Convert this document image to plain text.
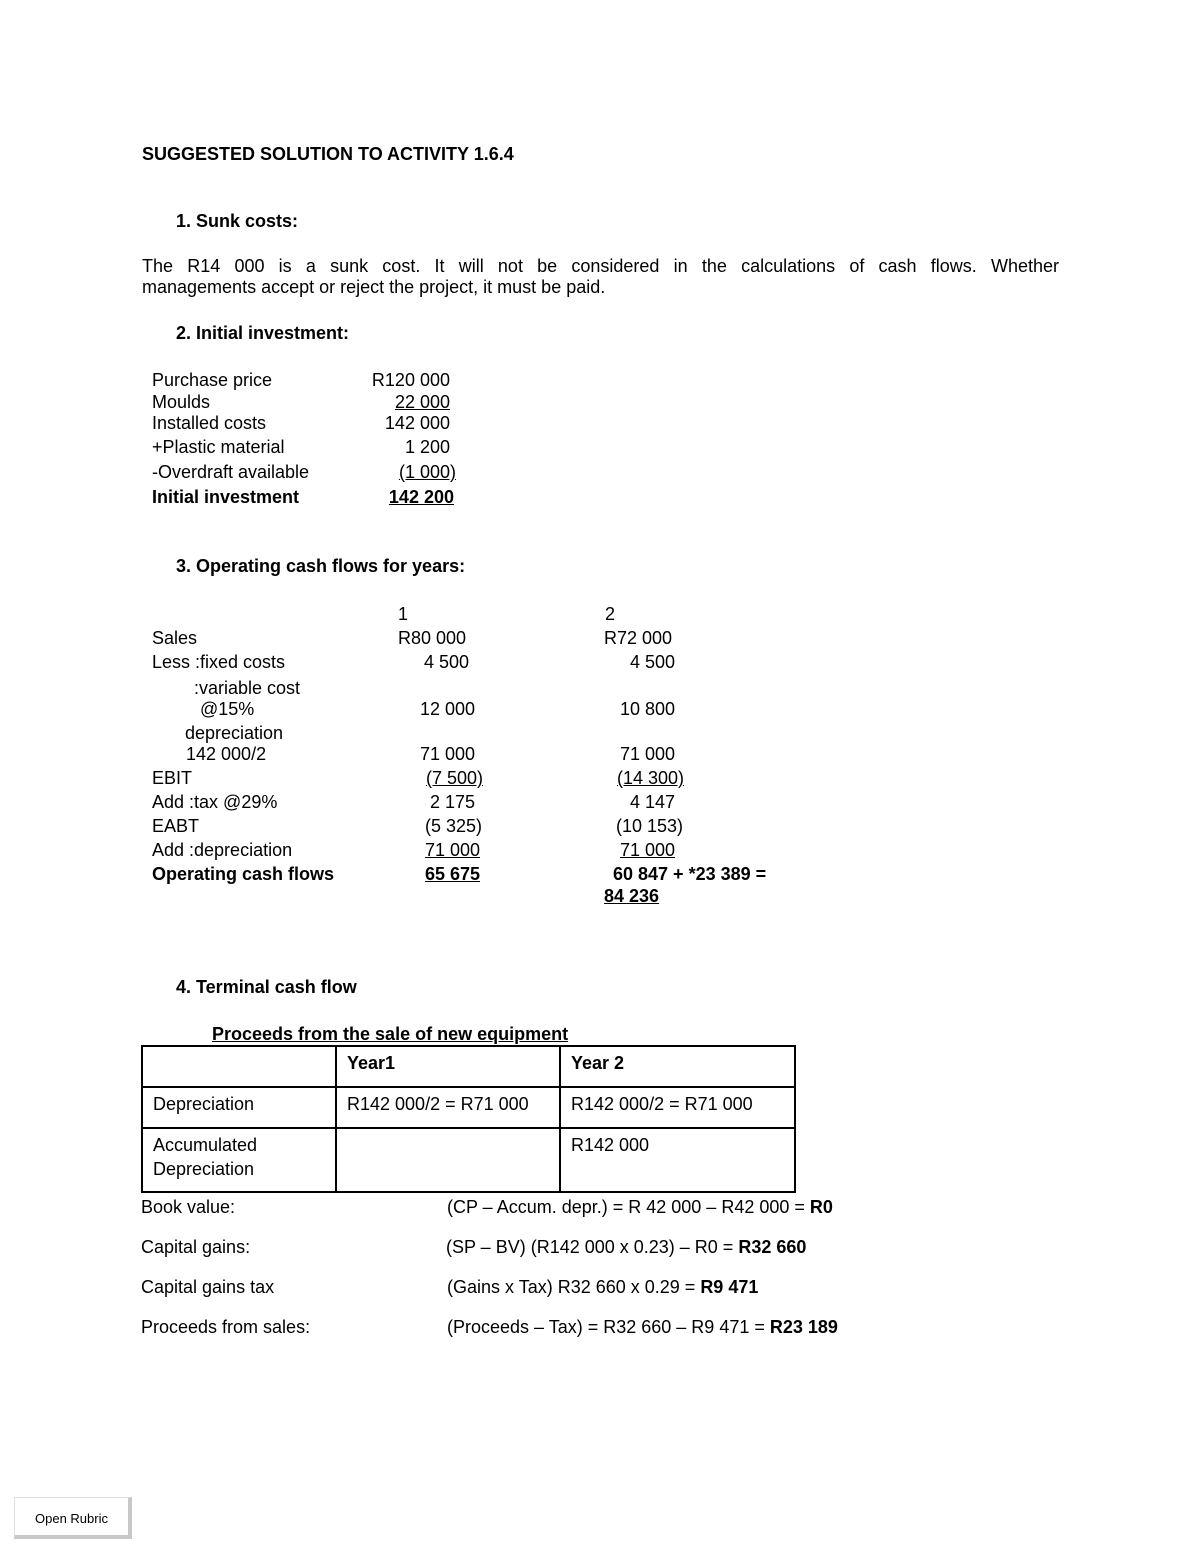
SUGGESTED SOLUTION TO ACTIVITY 1.6.4
1. Sunk costs:
The R14 000 is a sunk cost. It will not be considered in the calculations of cash flows. Whether
managements accept or reject the project, it must be paid.
2. Initial investment:
Purchase price	R120 000
Moulds	22 000
Installed costs	142 000
+Plastic material	1 200
-Overdraft available	(1 000)
Initial investment	142 200
3. Operating cash flows for years:
1	2
Sales	R80 000	R72 000
Less :fixed costs	4 500	4 500
:variable cost
@15%	12 000	10 800
depreciation
142 000/2	71 000	71 000
EBIT	(7 500)	(14 300)
Add :tax @29%	2 175	4 147
EABT	(5 325)	(10 153)
Add :depreciation	71 000	71 000
Operating cash flows	65 675	60 847 + *23 389 =
84 236
4. Terminal cash flow
Proceeds from the sale of new equipment
	Year1	Year 2
Depreciation	R142 000/2 = R71 000	R142 000/2 = R71 000

Accumulated
Depreciation		R142 000
Book value:	(CP – Accum. depr.) = R 42 000 – R42 000 = R0
Capital gains:	(SP – BV) (R142 000 x 0.23) – R0 = R32 660
Capital gains tax	(Gains x Tax) R32 660 x 0.29 = R9 471
Proceeds from sales:	(Proceeds – Tax) = R32 660 – R9 471 = R23 189
Open Rubric
